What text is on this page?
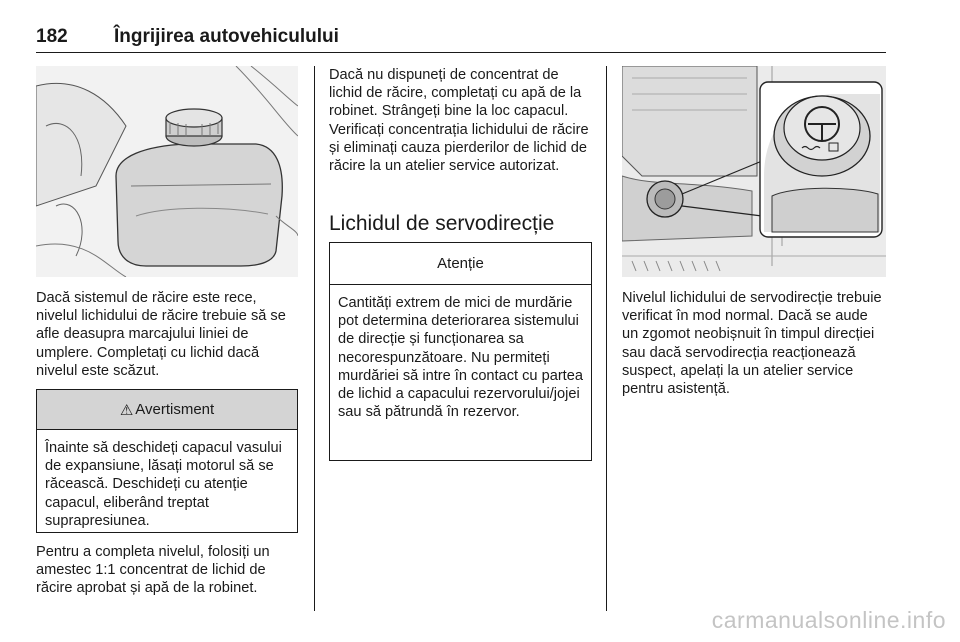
182 Îngrijirea autovehiculului

Dacă sistemul de răcire este rece, nivelul lichidului de răcire trebuie să se afle deasupra marcajului liniei de umplere. Completați cu lichid dacă nivelul este scăzut.

⚠ Avertisment
Înainte să deschideți capacul vasului de expansiune, lăsați motorul să se răcească. Deschideți cu atenție capacul, eliberând treptat suprapresiunea.

Pentru a completa nivelul, folosiți un amestec 1:1 concentrat de lichid de răcire aprobat și apă de la robinet.

Dacă nu dispuneți de concentrat de lichid de răcire, completați cu apă de la robinet. Strângeți bine la loc capacul. Verificați concentrația lichidului de răcire și eliminați cauza pierderilor de lichid de răcire la un atelier service autorizat.

Lichidul de servodirecție
Atenție
Cantități extrem de mici de murdărie pot determina deteriorarea sistemului de direcție și funcționarea sa necorespunzătoare. Nu permiteți murdăriei să intre în contact cu partea de lichid a capacului rezervorului/jojei sau să pătrundă în rezervor.

Nivelul lichidului de servodirecție trebuie verificat în mod normal. Dacă se aude un zgomot neobișnuit în timpul direcției sau dacă servodirecția reacționează suspect, apelați la un atelier service pentru asistență.

carmanualsonline.info
